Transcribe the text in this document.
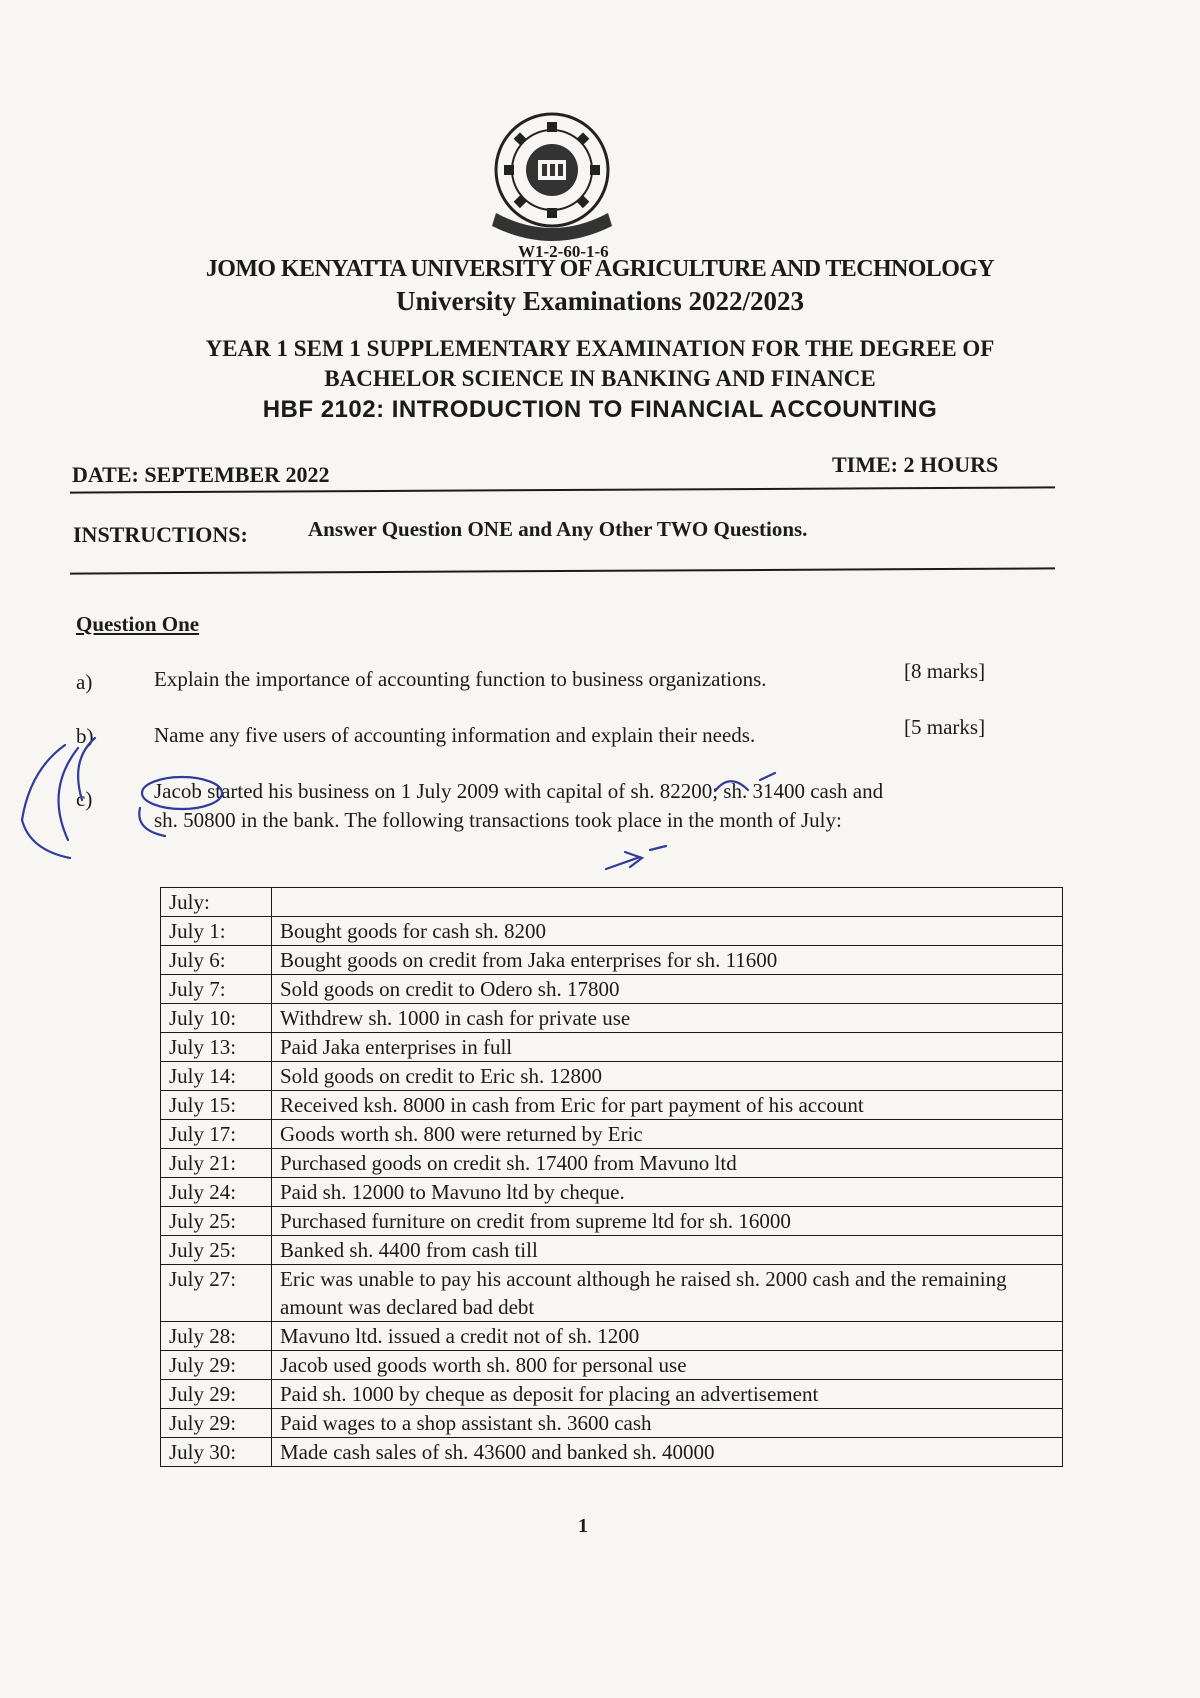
W1-2-60-1-6
JOMO KENYATTA UNIVERSITY OF AGRICULTURE AND TECHNOLOGY
University Examinations 2022/2023
YEAR 1 SEM 1 SUPPLEMENTARY EXAMINATION FOR THE DEGREE OF
BACHELOR SCIENCE IN BANKING AND FINANCE
HBF 2102: INTRODUCTION TO FINANCIAL ACCOUNTING
DATE: SEPTEMBER 2022	TIME: 2 HOURS
INSTRUCTIONS:	Answer Question ONE and Any Other TWO Questions.
Question One
a)	Explain the importance of accounting function to business organizations.	[8 marks]
b)	Name any five users of accounting information and explain their needs.	[5 marks]
c)	Jacob started his business on 1 July 2009 with capital of sh. 82200; sh. 31400 cash and
sh. 50800 in the bank. The following transactions took place in the month of July:
July:	
July 1:	Bought goods for cash sh. 8200
July 6:	Bought goods on credit from Jaka enterprises for sh. 11600
July 7:	Sold goods on credit to Odero sh. 17800
July 10:	Withdrew sh. 1000 in cash for private use
July 13:	Paid Jaka enterprises in full
July 14:	Sold goods on credit to Eric sh. 12800
July 15:	Received ksh. 8000 in cash from Eric for part payment of his account
July 17:	Goods worth sh. 800 were returned by Eric
July 21:	Purchased goods on credit sh. 17400 from Mavuno ltd
July 24:	Paid sh. 12000 to Mavuno ltd by cheque.
July 25:	Purchased furniture on credit from supreme ltd for sh. 16000
July 25:	Banked sh. 4400 from cash till
July 27:	Eric was unable to pay his account although he raised sh. 2000 cash and the remaining amount was declared bad debt
July 28:	Mavuno ltd. issued a credit not of sh. 1200
July 29:	Jacob used goods worth sh. 800 for personal use
July 29:	Paid sh. 1000 by cheque as deposit for placing an advertisement
July 29:	Paid wages to a shop assistant sh. 3600 cash
July 30:	Made cash sales of sh. 43600 and banked sh. 40000
1
